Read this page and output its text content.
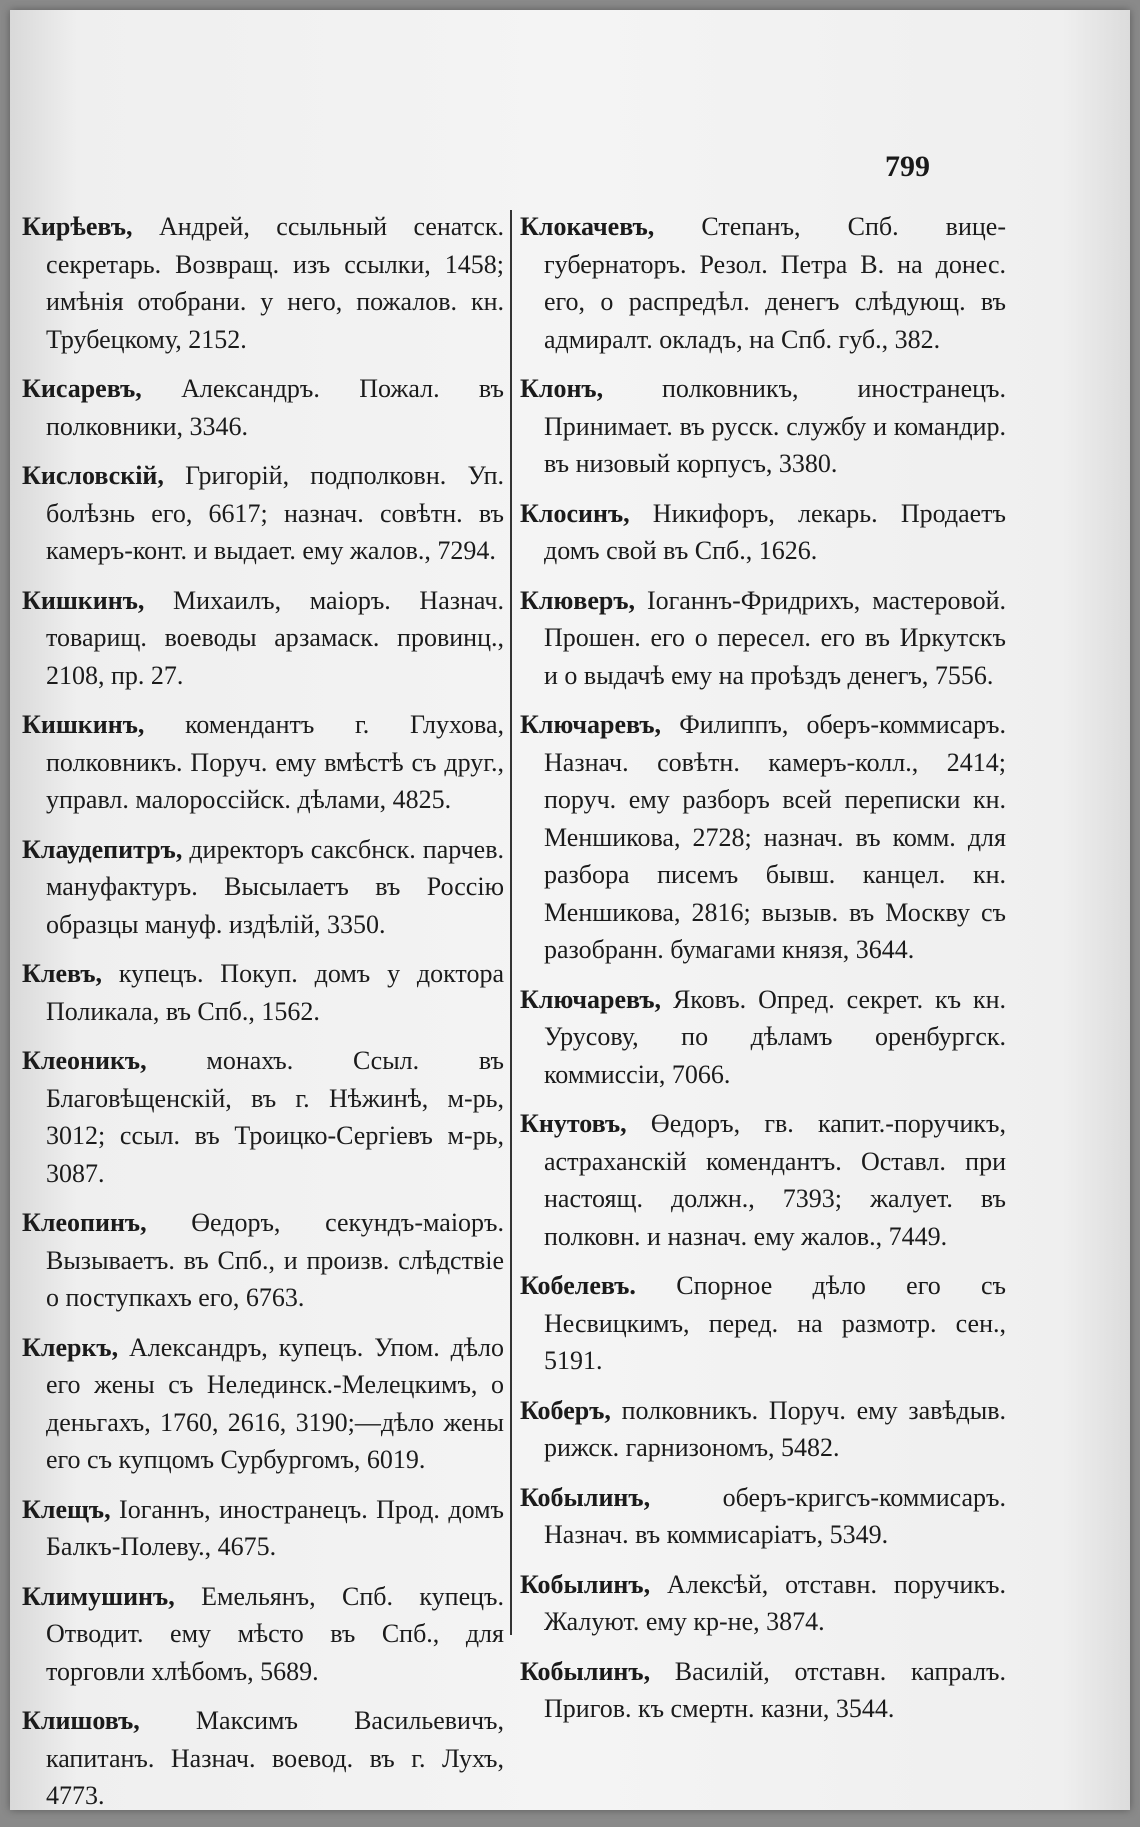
799

Кирѣевъ, Андрей, ссыльный сенатск. секретарь. Возвращ. изъ ссылки, 1458; имѣнія отобрани. у него, пожалов. кн. Трубецкому, 2152.

Кисаревъ, Александръ. Пожал. въ полковники, 3346.

Кисловскій, Григорій, подполковн. Уп. болѣзнь его, 6617; назнач. совѣтн. въ камеръ-конт. и выдает. ему жалов., 7294.

Кишкинъ, Михаилъ, маіоръ. Назнач. товарищ. воеводы арзамаск. провинц., 2108, пр. 27.

Кишкинъ, комендантъ г. Глухова, полковникъ. Поруч. ему вмѣстѣ съ друг., управл. малороссійск. дѣлами, 4825.

Клаудепитръ, директоръ саксбнск. парчев. мануфактуръ. Высылаетъ въ Россію образцы мануф. издѣлій, 3350.

Клевъ, купецъ. Покуп. домъ у доктора Поликала, въ Спб., 1562.

Клеоникъ, монахъ. Ссыл. въ Благовѣщенскій, въ г. Нѣжинѣ, м-рь, 3012; ссыл. въ Троицко-Сергіевъ м-рь, 3087.

Клеопинъ, Өедоръ, секундъ-маіоръ. Вызываетъ. въ Спб., и произв. слѣдствіе о поступкахъ его, 6763.

Клеркъ, Александръ, купецъ. Упом. дѣло его жены съ Нелединск.-Мелецкимъ, о деньгахъ, 1760, 2616, 3190;—дѣло жены его съ купцомъ Сурбургомъ, 6019.

Клещъ, Іоганнъ, иностранецъ. Прод. домъ Балкъ-Полеву., 4675.

Климушинъ, Емельянъ, Спб. купецъ. Отводит. ему мѣсто въ Спб., для торговли хлѣбомъ, 5689.

Клишовъ, Максимъ Васильевичъ, капитанъ. Назнач. воевод. въ г. Лухъ, 4773.

Клокачевъ, Степанъ, Спб. вице-губернаторъ. Резол. Петра В. на донес. его, о распредѣл. денегъ слѣдующ. въ адмиралт. окладъ, на Спб. губ., 382.

Клонъ, полковникъ, иностранецъ. Принимает. въ русск. службу и командир. въ низовый корпусъ, 3380.

Клосинъ, Никифоръ, лекарь. Продаетъ домъ свой въ Спб., 1626.

Клюверъ, Іоганнъ-Фридрихъ, мастеровой. Прошен. его о пересел. его въ Иркутскъ и о выдачѣ ему на проѣздъ денегъ, 7556.

Ключаревъ, Филиппъ, оберъ-коммисаръ. Назнач. совѣтн. камеръ-колл., 2414; поруч. ему разборъ всей переписки кн. Меншикова, 2728; назнач. въ комм. для разбора писемъ бывш. канцел. кн. Меншикова, 2816; вызыв. въ Москву съ разобранн. бумагами князя, 3644.

Ключаревъ, Яковъ. Опред. секрет. къ кн. Урусову, по дѣламъ оренбургск. коммиссіи, 7066.

Кнутовъ, Өедоръ, гв. капит.-поручикъ, астраханскій комендантъ. Оставл. при настоящ. должн., 7393; жалует. въ полковн. и назнач. ему жалов., 7449.

Кобелевъ. Спорное дѣло его съ Несвицкимъ, перед. на размотр. сен., 5191.

Коберъ, полковникъ. Поруч. ему завѣдыв. рижск. гарнизономъ, 5482.

Кобылинъ, оберъ-кригсъ-коммисаръ. Назнач. въ коммисаріатъ, 5349.

Кобылинъ, Алексѣй, отставн. поручикъ. Жалуют. ему кр-не, 3874.

Кобылинъ, Василій, отставн. капралъ. Пригов. къ смертн. казни, 3544.
